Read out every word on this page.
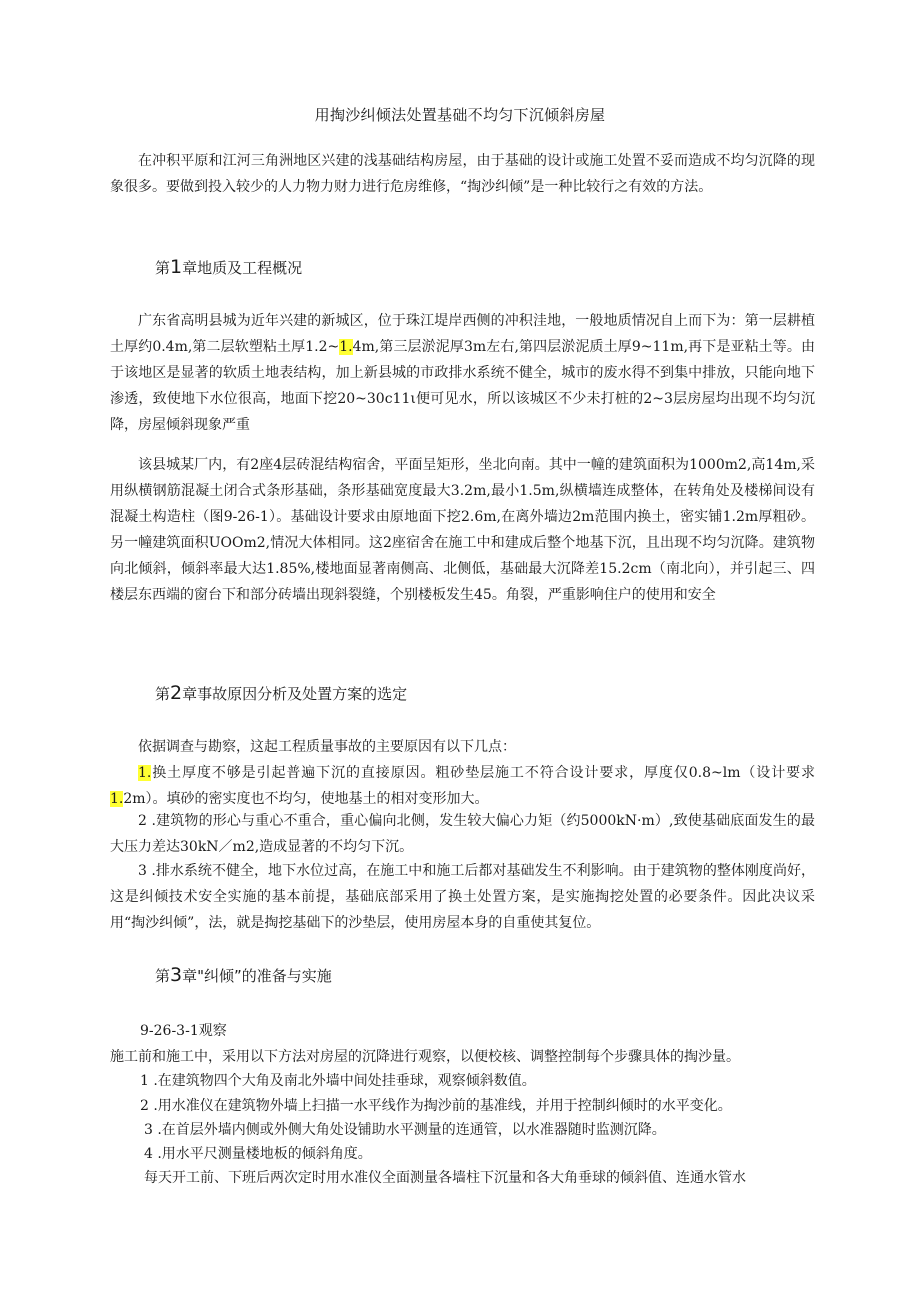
用掏沙纠倾法处置基础不均匀下沉倾斜房屋
在冲积平原和江河三角洲地区兴建的浅基础结构房屋，由于基础的设计或施工处置不妥而造成不均匀沉降的现象很多。要做到投入较少的人力物力财力进行危房维修，“掏沙纠倾”是一种比较行之有效的方法。
第1章地质及工程概况
广东省高明县城为近年兴建的新城区，位于珠江堤岸西侧的冲积洼地，一般地质情况自上而下为：第一层耕植土厚约0.4m,第二层软塑粘土厚1.2~1.4m,第三层淤泥厚3m左右,第四层淤泥质土厚9~11m,再下是亚粘土等。由于该地区是显著的软质土地表结构，加上新县城的市政排水系统不健全，城市的废水得不到集中排放，只能向地下渗透，致使地下水位很高，地面下挖20~30c11ι便可见水，所以该城区不少未打桩的2~3层房屋均出现不均匀沉降，房屋倾斜现象严重
该县城某厂内，有2座4层砖混结构宿舍，平面呈矩形，坐北向南。其中一幢的建筑面积为1000m2,高14m,采用纵横钢筋混凝土闭合式条形基础，条形基础宽度最大3.2m,最小1.5m,纵横墙连成整体，在转角处及楼梯间设有混凝土构造柱（图9-26-1）。基础设计要求由原地面下挖2.6m,在离外墙边2m范围内换土，密实铺1.2m厚粗砂。另一幢建筑面积UOOm2,情况大体相同。这2座宿舍在施工中和建成后整个地基下沉，且出现不均匀沉降。建筑物向北倾斜，倾斜率最大达1.85%,楼地面显著南侧高、北侧低，基础最大沉降差15.2cm（南北向），并引起三、四楼层东西端的窗台下和部分砖墙出现斜裂缝，个别楼板发生45。角裂，严重影响住户的使用和安全
第2章事故原因分析及处置方案的选定
依据调查与勘察，这起工程质量事故的主要原因有以下几点：
1.换土厚度不够是引起普遍下沉的直接原因。粗砂垫层施工不符合设计要求，厚度仅0.8~lm（设计要求1.2m）。填砂的密实度也不均匀，使地基土的相对变形加大。
2 .建筑物的形心与重心不重合，重心偏向北侧，发生较大偏心力矩（约5000kN·m）,致使基础底面发生的最大压力差达30kN／m2,造成显著的不均匀下沉。
3 .排水系统不健全，地下水位过高，在施工中和施工后都对基础发生不利影响。由于建筑物的整体刚度尚好，这是纠倾技术安全实施的基本前提，基础底部采用了换土处置方案，是实施掏挖处置的必要条件。因此决议采用“掏沙纠倾”，法，就是掏挖基础下的沙垫层，使用房屋本身的自重使其复位。
第3章"纠倾”的准备与实施
9-26-3-1观察
施工前和施工中，采用以下方法对房屋的沉降进行观察，以便校核、调整控制每个步骤具体的掏沙量。
1 .在建筑物四个大角及南北外墙中间处挂垂球，观察倾斜数值。
2 .用水准仪在建筑物外墙上扫描一水平线作为掏沙前的基准线，并用于控制纠倾时的水平变化。
3 .在首层外墙内侧或外侧大角处设铺助水平测量的连通管，以水准器随时监测沉降。
4 .用水平尺测量楼地板的倾斜角度。
每天开工前、下班后两次定时用水准仪全面测量各墙柱下沉量和各大角垂球的倾斜值、连通水管水
